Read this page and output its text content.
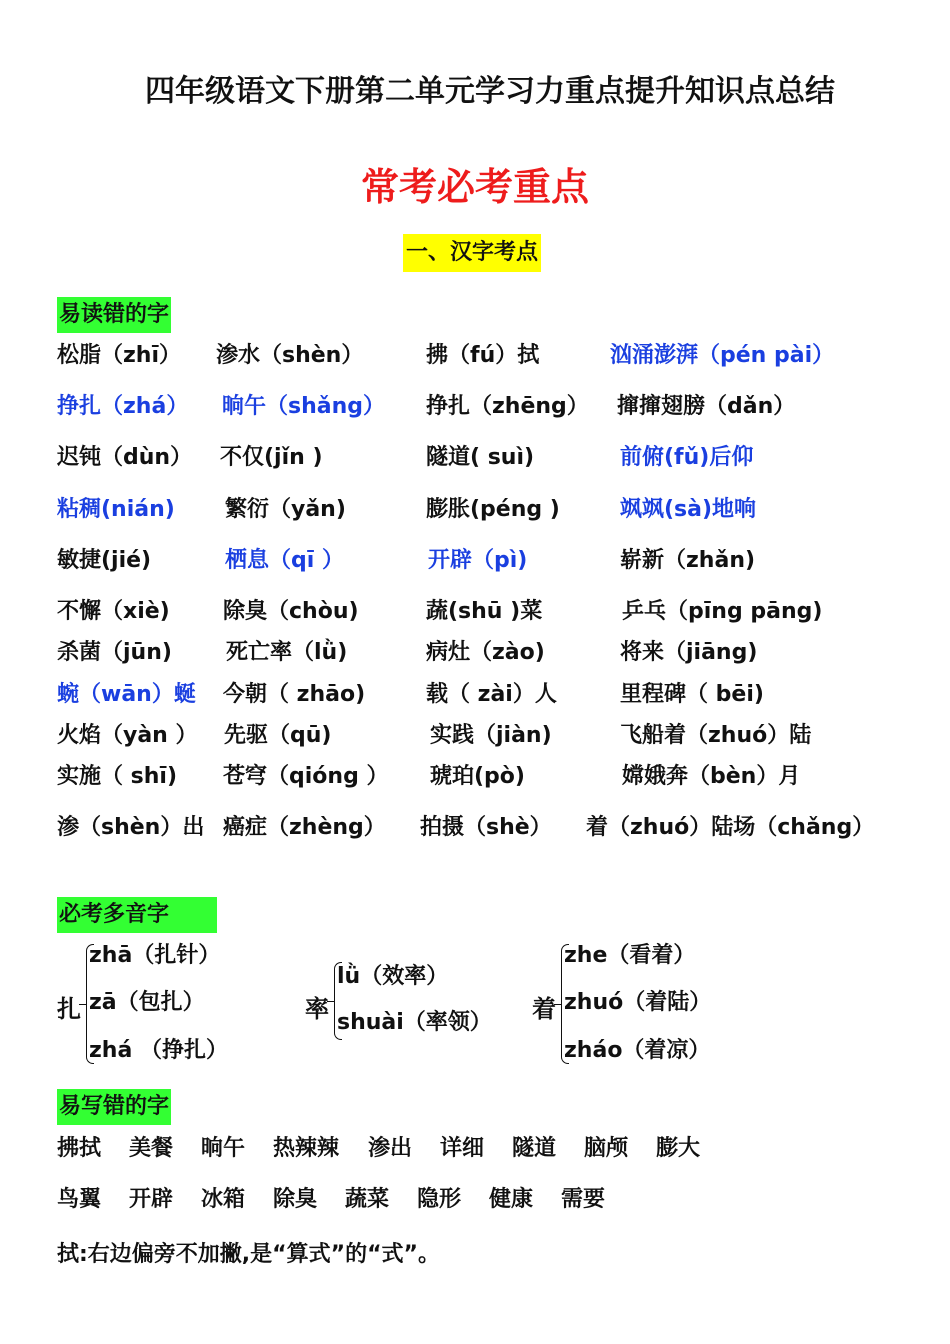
四年级语文下册第二单元学习力重点提升知识点总结
常考必考重点
一、汉字考点
易读错的字
松脂（zhī） 渗水（shèn）	拂（fú）拭	汹涌澎湃（pén pài）
挣扎（zhá） 晌午（shǎng） 挣扎（zhēng） 撺撺翅膀（dǎn）
迟钝（dùn） 不仅(jǐn )	隧道( suì)	前俯(fǔ)后仰
粘稠(nián) 繁衍（yǎn)	膨胀(péng )	飒飒(sà)地响
敏捷(jié)	栖息（qī ）	开辟（pì)	崭新（zhǎn)
不懈（xiè) 除臭（chòu)	蔬(shū )菜	乒乓（pīng pāng)
杀菌（jūn) 死亡率（lǜ)	病灶（zào)	将来（jiāng)
蜿（wān）蜒 今朝（ zhāo)	载（ zài）人	里程碑（ bēi)
火焰（yàn ） 先驱（qū)	实践（jiàn)	飞船着（zhuó）陆
实施（ shī) 苍穹（qióng ） 琥珀(pò)	嫦娥奔（bèn）月
渗（shèn）出 癌症（zhèng） 拍摄（shè） 着（zhuó）陆场（chǎng）
必考多音字
扎
zhā（扎针）
zā（包扎）
zhá （挣扎）
率
lǜ（效率）
shuài（率领） 着
zhe（看着）
zhuó（着陆）
zháo（着凉）
易写错的字
拂拭 美餐 晌午 热辣辣 渗出 详细 隧道 脑颅 膨大
鸟翼 开辟 冰箱 除臭 蔬菜 隐形 健康 需要
拭:右边偏旁不加撇,是“算式”的“式”。
